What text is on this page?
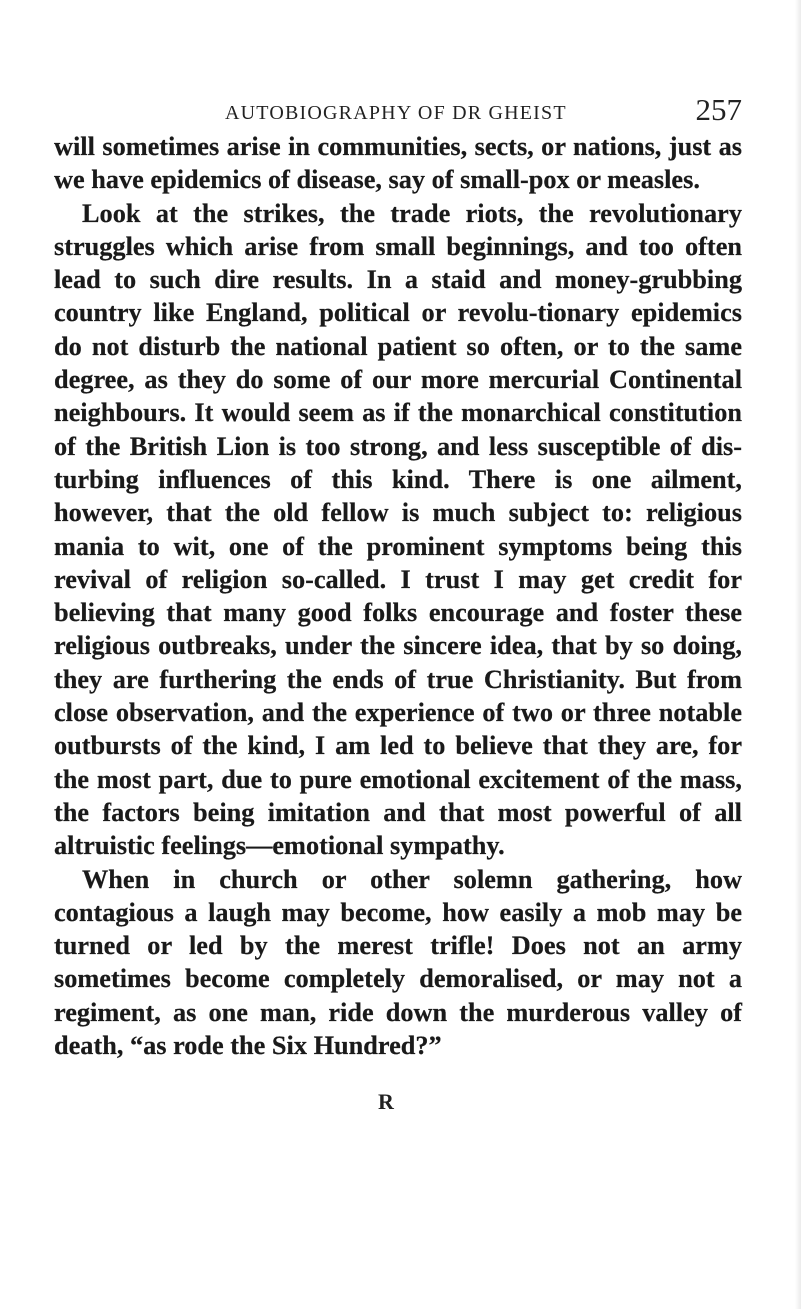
AUTOBIOGRAPHY OF DR GHEIST	257

will sometimes arise in communities, sects, or nations, just as we have epidemics of disease, say of small-pox or measles.

Look at the strikes, the trade riots, the revolutionary struggles which arise from small beginnings, and too often lead to such dire results. In a staid and money-grubbing country like England, political or revolu-tionary epidemics do not disturb the national patient so often, or to the same degree, as they do some of our more mercurial Continental neighbours. It would seem as if the monarchical constitution of the British Lion is too strong, and less susceptible of dis-turbing influences of this kind. There is one ailment, however, that the old fellow is much subject to: religious mania to wit, one of the prominent symptoms being this revival of religion so-called. I trust I may get credit for believing that many good folks encourage and foster these religious outbreaks, under the sincere idea, that by so doing, they are furthering the ends of true Christianity. But from close observation, and the experience of two or three notable outbursts of the kind, I am led to believe that they are, for the most part, due to pure emotional excitement of the mass, the factors being imitation and that most powerful of all altruistic feelings—emotional sympathy.

When in church or other solemn gathering, how contagious a laugh may become, how easily a mob may be turned or led by the merest trifle! Does not an army sometimes become completely demoralised, or may not a regiment, as one man, ride down the murderous valley of death, “as rode the Six Hundred?”

R
